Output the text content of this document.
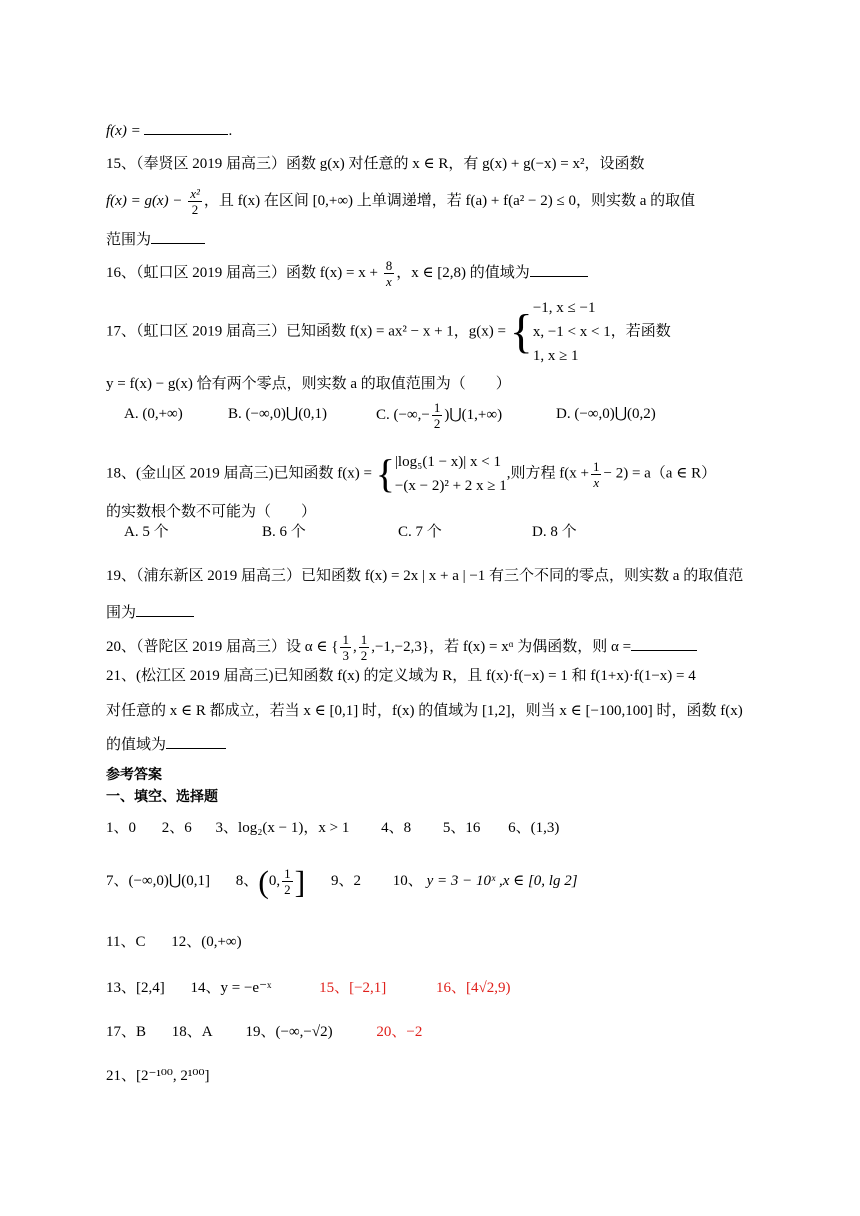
f(x) =	.
15、（奉贤区 2019 届高三）函数 g(x) 对任意的 x ∈ R，有 g(x) + g(−x) = x²，设函数
$f(x) = g(x) - \frac{\text{x²}}{2}$ ，且 f(x) 在区间 [0,+∞) 上单调递增，若 f(a) + f(a² − 2) ≤ 0，则实数 a 的取值
范围为
16、（虹口区 2019 届高三）函数 $f(x) = x + \frac{8}{x}$ ，x ∈ [2,8) 的值域为
17、（虹口区 2019 届高三）已知函数 f(x) = ax² − x + 1，g(x) = { −1, x ≤ −1
x, −1 < x < 1
1, x ≥ 1
，若函数
y = f(x) − g(x) 恰有两个零点，则实数 a 的取值范围为（　　）
A. (0,+∞)	B. (−∞,0)⋃(0,1)	C. (−∞,− $\frac{1}{2}$ )⋃(1,+∞)	D. (−∞,0)⋃(0,2)
18、(金山区 2019 届高三)已知函数 f(x) = { |log₅(1 − x)| x < 1
−(x − 2)² + 2 x ≥ 1
,则方程 $f(x + \frac{1}{x} - 2) = a(a$ ∈ R）
的实数根个数不可能为（　　）
A. 5 个	B. 6 个	C. 7 个	D. 8 个
19、（浦东新区 2019 届高三）已知函数 f(x) = 2x | x + a | −1 有三个不同的零点，则实数 a 的取值范
围为
20、（普陀区 2019 届高三）设 α ∈ { $\frac{1}{3}$ , $\frac{1}{2} ,-1,-2,3$}，若 f(x) = xᵅ 为偶函数，则 α =
21、(松江区 2019 届高三)已知函数 f(x) 的定义域为 R，且 f(x)·f(−x) = 1 和 f(1+x)·f(1−x) = 4
对任意的 x ∈ R 都成立，若当 x ∈ [0,1] 时，f(x) 的值域为 [1,2]，则当 x ∈ [−100,100] 时，函数 f(x)
的值域为
参考答案
一、填空、选择题
1、0 2、6 3、log₂(x − 1)，x > 1 4、8 5、16 6、(1,3)
7、(−∞,0)⋃(0,1] 8、(0, $\frac{1}{2}$ ] 9、2 10、 y = 3 − 10ˣ ,x ∈ [0, lg 2]
11、C 12、(0,+∞)
13、[2,4] 14、y = −e⁻ˣ	15、[−2,1]	16、[4√2,9)
17、B 18、A 19、(−∞,−√2)	20、−2
21、[2⁻¹⁰⁰, 2¹⁰⁰]
